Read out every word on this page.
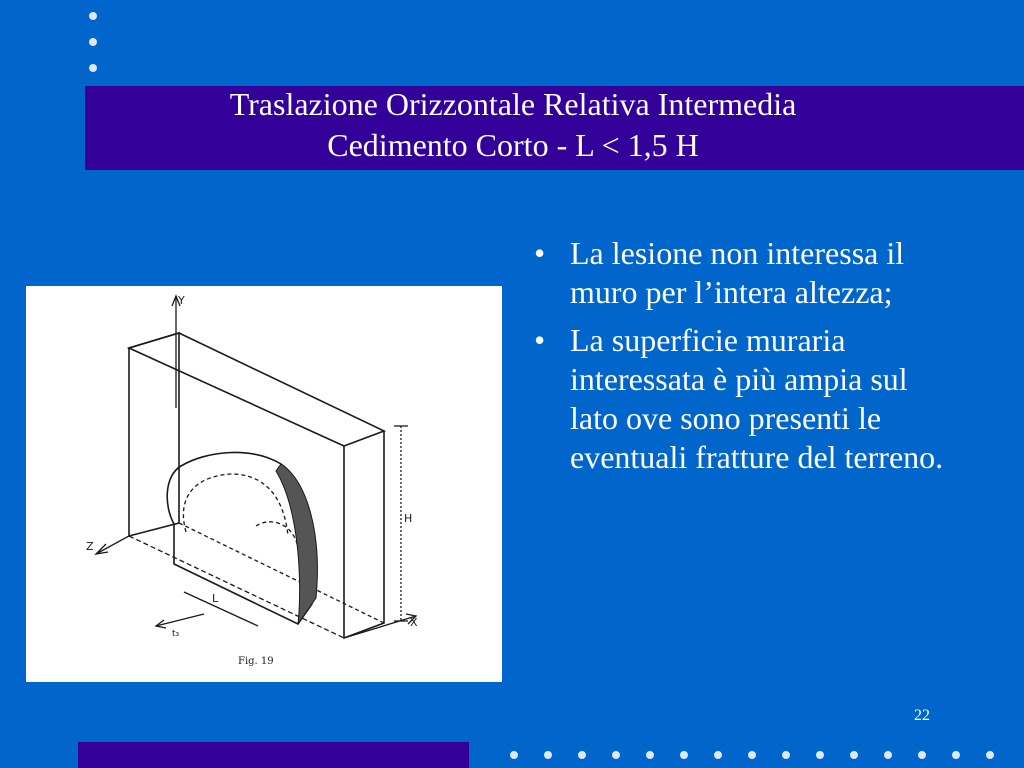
Traslazione Orizzontale Relativa Intermedia
Cedimento Corto - L < 1,5 H
Y
Z
X
H
L
t₃
Fig. 19
• La lesione non interessa il muro per l’intera altezza;
• La superficie muraria interessata è più ampia sul lato ove sono presenti le eventuali fratture del terreno.
22
